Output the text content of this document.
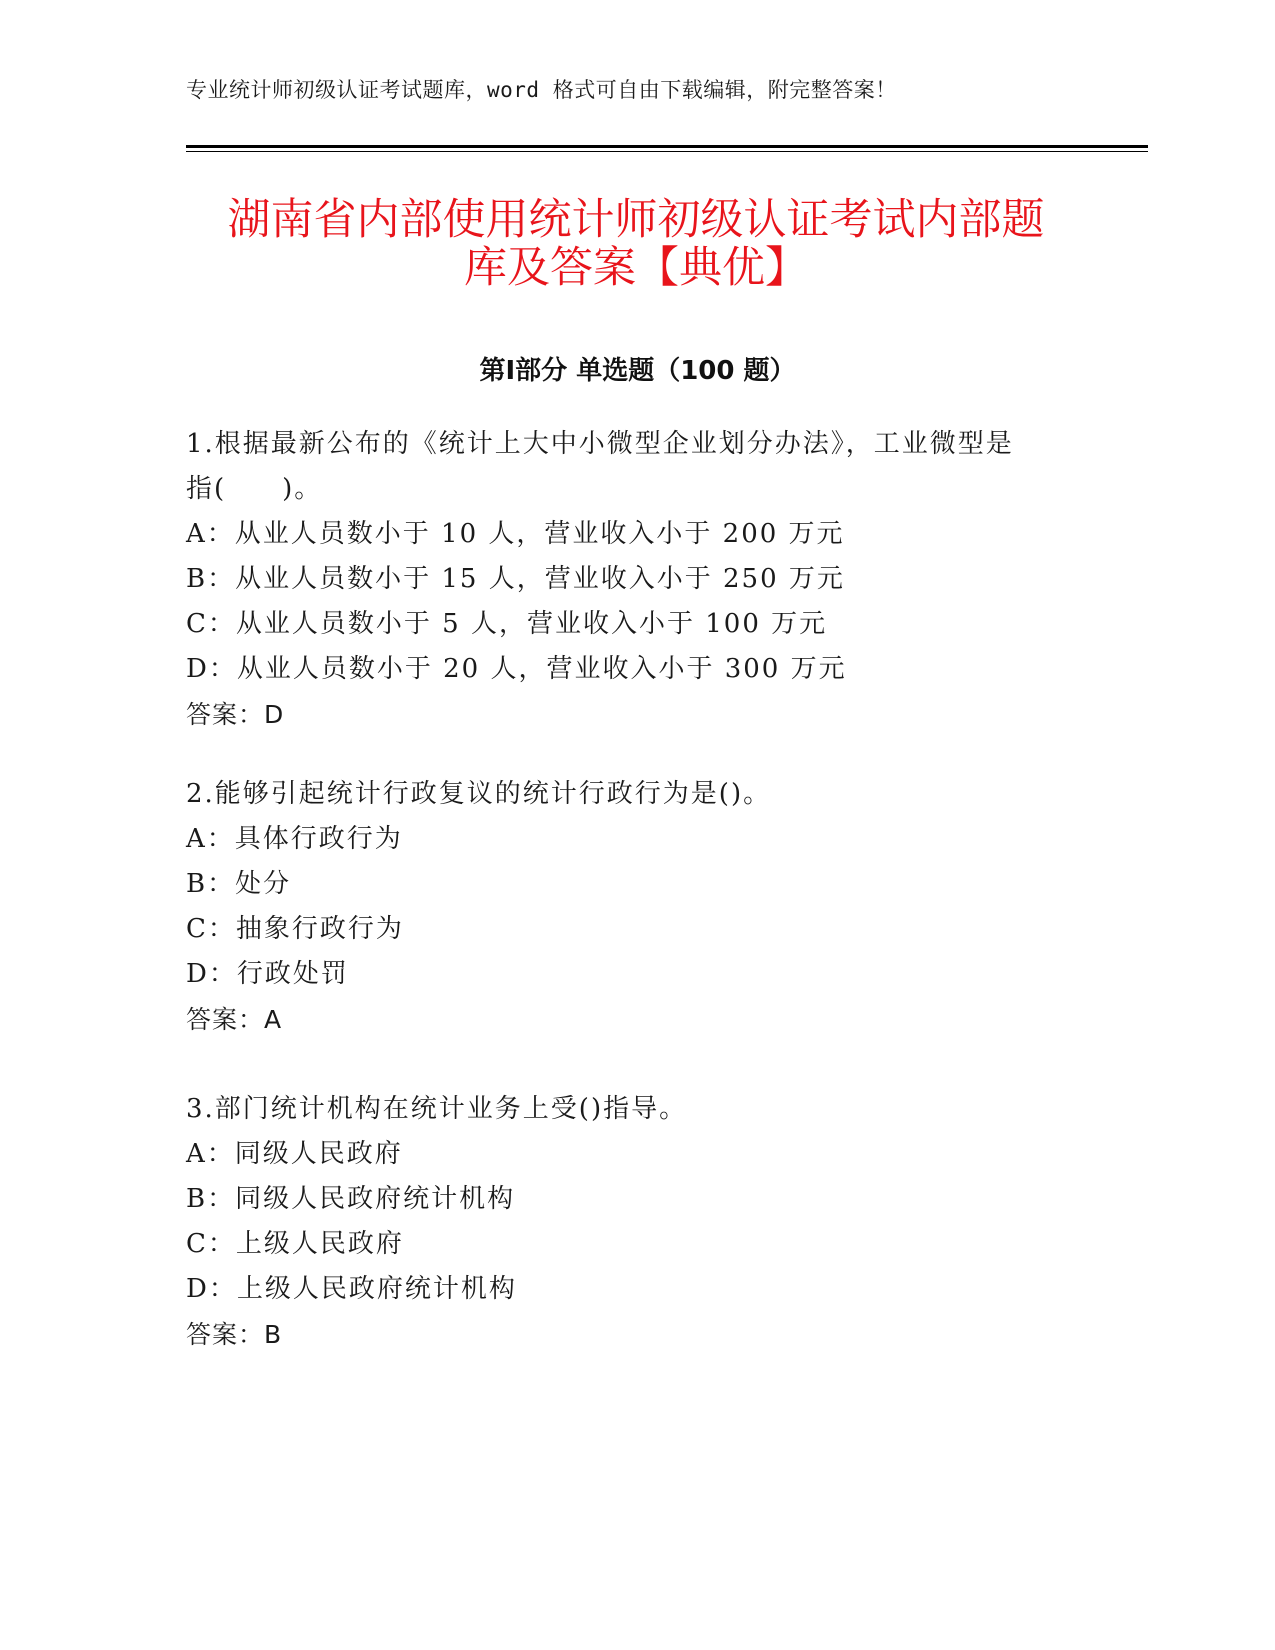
专业统计师初级认证考试题库，word 格式可自由下载编辑，附完整答案！
湖南省内部使用统计师初级认证考试内部题
库及答案【典优】
第Ⅰ部分 单选题（100 题）
1.根据最新公布的《统计上大中小微型企业划分办法》，工业微型是
指(　　)。
A：从业人员数小于 10 人，营业收入小于 200 万元
B：从业人员数小于 15 人，营业收入小于 250 万元
C：从业人员数小于 5 人，营业收入小于 100 万元
D：从业人员数小于 20 人，营业收入小于 300 万元
答案：D
2.能够引起统计行政复议的统计行政行为是()。
A：具体行政行为
B：处分
C：抽象行政行为
D：行政处罚
答案：A
3.部门统计机构在统计业务上受()指导。
A：同级人民政府
B：同级人民政府统计机构
C：上级人民政府
D：上级人民政府统计机构
答案：B
